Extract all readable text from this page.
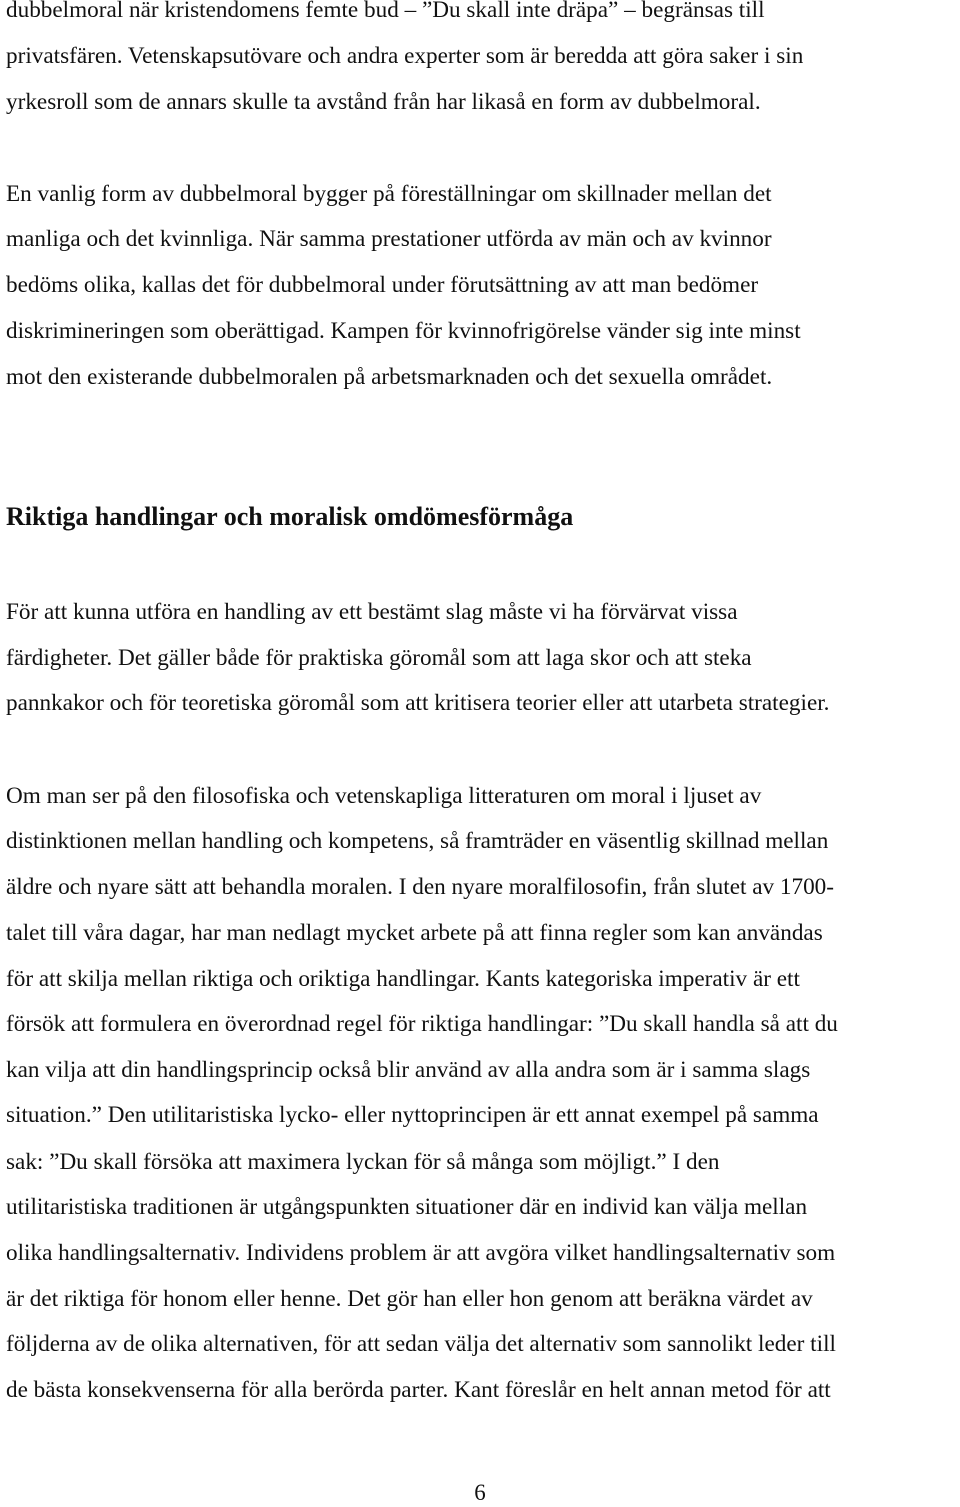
dubbelmoral när kristendomens femte bud – ”Du skall inte dräpa” – begränsas till
privatsfären. Vetenskapsutövare och andra experter som är beredda att göra saker i sin
yrkesroll som de annars skulle ta avstånd från har likaså en form av dubbelmoral.
En vanlig form av dubbelmoral bygger på föreställningar om skillnader mellan det
manliga och det kvinnliga. När samma prestationer utförda av män och av kvinnor
bedöms olika, kallas det för dubbelmoral under förutsättning av att man bedömer
diskrimineringen som oberättigad. Kampen för kvinnofrigörelse vänder sig inte minst
mot den existerande dubbelmoralen på arbetsmarknaden och det sexuella området.
Riktiga handlingar och moralisk omdömesförmåga
För att kunna utföra en handling av ett bestämt slag måste vi ha förvärvat vissa
färdigheter. Det gäller både för praktiska göromål som att laga skor och att steka
pannkakor och för teoretiska göromål som att kritisera teorier eller att utarbeta strategier.
Om man ser på den filosofiska och vetenskapliga litteraturen om moral i ljuset av
distinktionen mellan handling och kompetens, så framträder en väsentlig skillnad mellan
äldre och nyare sätt att behandla moralen. I den nyare moralfilosofin, från slutet av 1700-
talet till våra dagar, har man nedlagt mycket arbete på att finna regler som kan användas
för att skilja mellan riktiga och oriktiga handlingar. Kants kategoriska imperativ är ett
försök att formulera en överordnad regel för riktiga handlingar: ”Du skall handla så att du
kan vilja att din handlingsprincip också blir använd av alla andra som är i samma slags
situation.” Den utilitaristiska lycko- eller nyttoprincipen är ett annat exempel på samma
sak: ”Du skall försöka att maximera lyckan för så många som möjligt.” I den
utilitaristiska traditionen är utgångspunkten situationer där en individ kan välja mellan
olika handlingsalternativ. Individens problem är att avgöra vilket handlingsalternativ som
är det riktiga för honom eller henne. Det gör han eller hon genom att beräkna värdet av
följderna av de olika alternativen, för att sedan välja det alternativ som sannolikt leder till
de bästa konsekvenserna för alla berörda parter. Kant föreslår en helt annan metod för att
6
